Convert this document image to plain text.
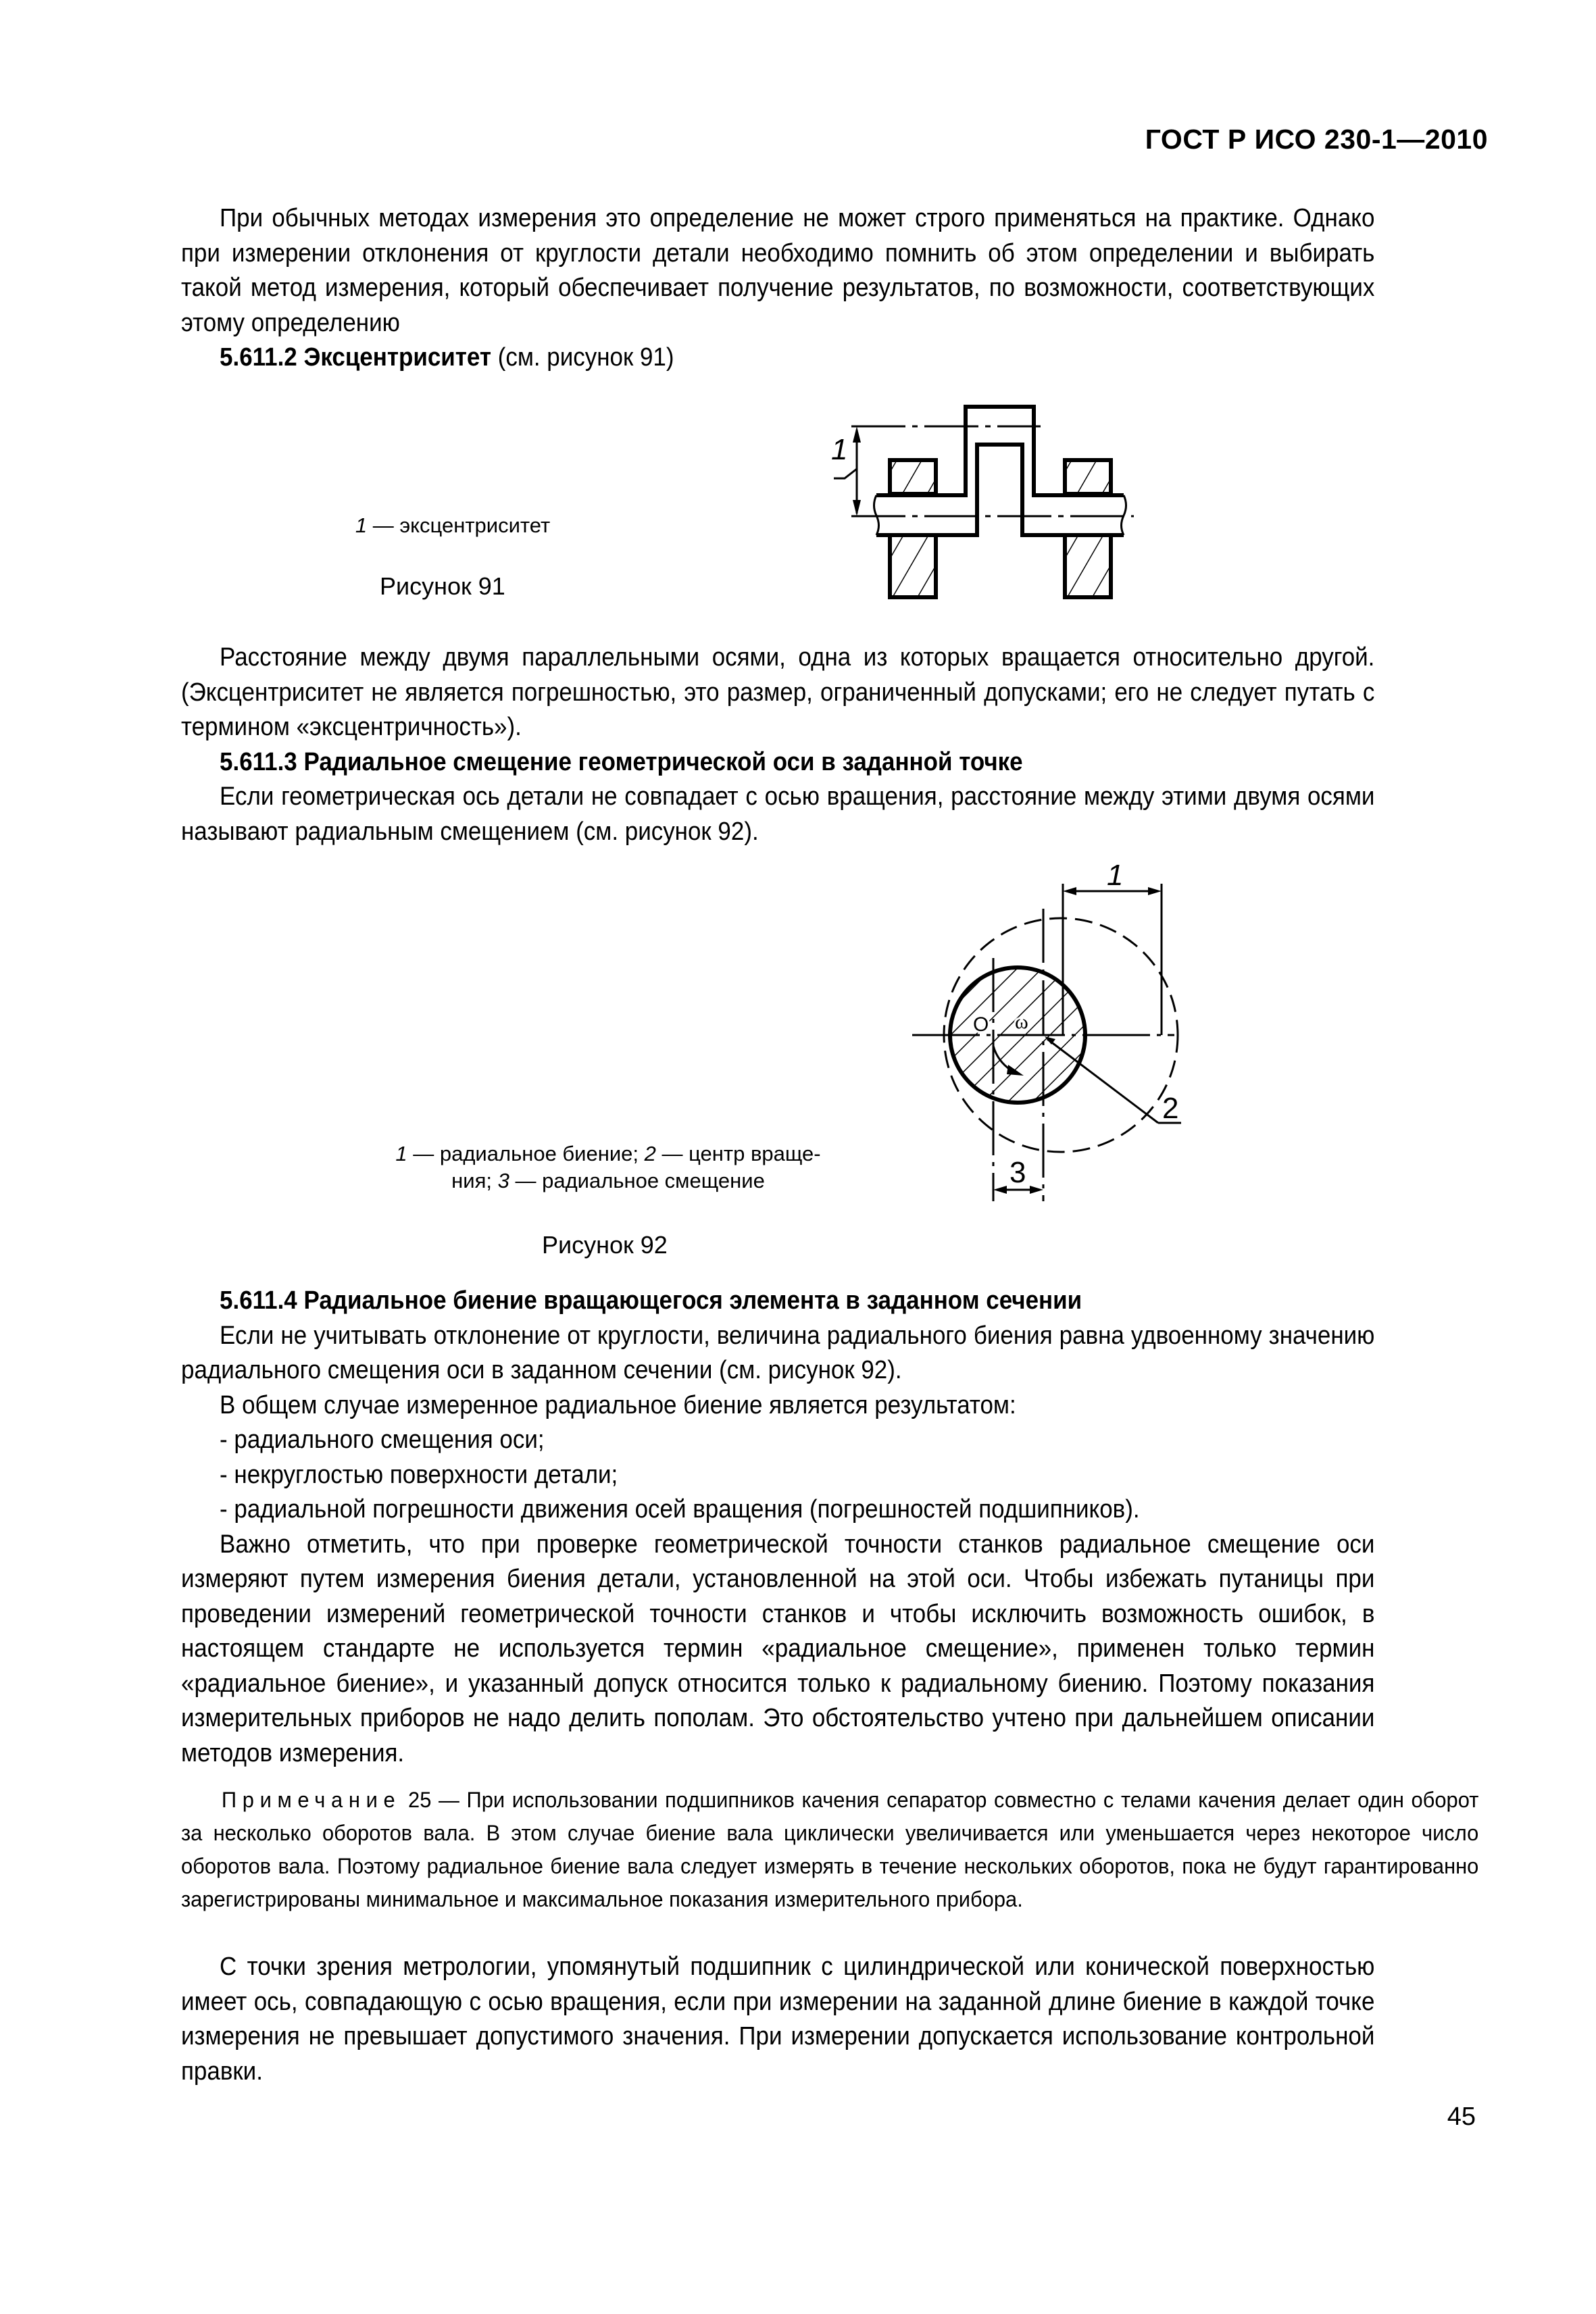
ГОСТ Р ИСО 230-1—2010

При обычных методах измерения это определение не может строго применяться на практике. Однако при измерении отклонения от круглости детали необходимо помнить об этом определении и выбирать такой метод измерения, который обеспечивает получение результатов, по возможности, соответствующих этому определению

5.611.2 Эксцентриситет (см. рисунок 91)

1 — эксцентриситет
Рисунок 91
1

Расстояние между двумя параллельными осями, одна из которых вращается относительно другой. (Эксцентриситет не является погрешностью, это размер, ограниченный допусками; его не следует путать с термином «эксцентричность»).

5.611.3 Радиальное смещение геометрической оси в заданной точке

Если геометрическая ось детали не совпадает с осью вращения, расстояние между этими двумя осями называют радиальным смещением (см. рисунок 92).

1 — радиальное биение; 2 — центр враще-
ния; 3 — радиальное смещение
Рисунок 92
1
3
2
O ω

5.611.4 Радиальное биение вращающегося элемента в заданном сечении

Если не учитывать отклонение от круглости, величина радиального биения равна удвоенному значению радиального смещения оси в заданном сечении (см. рисунок 92).

В общем случае измеренное радиальное биение является результатом:

- радиального смещения оси;

- некруглостью поверхности детали;

- радиальной погрешности движения осей вращения (погрешностей подшипников).

Важно отметить, что при проверке геометрической точности станков радиальное смещение оси измеряют путем измерения биения детали, установленной на этой оси. Чтобы избежать путаницы при проведении измерений геометрической точности станков и чтобы исключить возможность ошибок, в настоящем стандарте не используется термин «радиальное смещение», применен только термин «радиальное биение», и указанный допуск относится только к радиальному биению. Поэтому показания измерительных приборов не надо делить пополам. Это обстоятельство учтено при дальнейшем описании методов измерения.

Примечание 25 — При использовании подшипников качения сепаратор совместно с телами качения делает один оборот за несколько оборотов вала. В этом случае биение вала циклически увеличивается или уменьшается через некоторое число оборотов вала. Поэтому радиальное биение вала следует измерять в течение нескольких оборотов, пока не будут гарантированно зарегистрированы минимальное и максимальное показания измерительного прибора.

С точки зрения метрологии, упомянутый подшипник с цилиндрической или конической поверхностью имеет ось, совпадающую с осью вращения, если при измерении на заданной длине биение в каждой точке измерения не превышает допустимого значения. При измерении допускается использование контрольной правки.

45
